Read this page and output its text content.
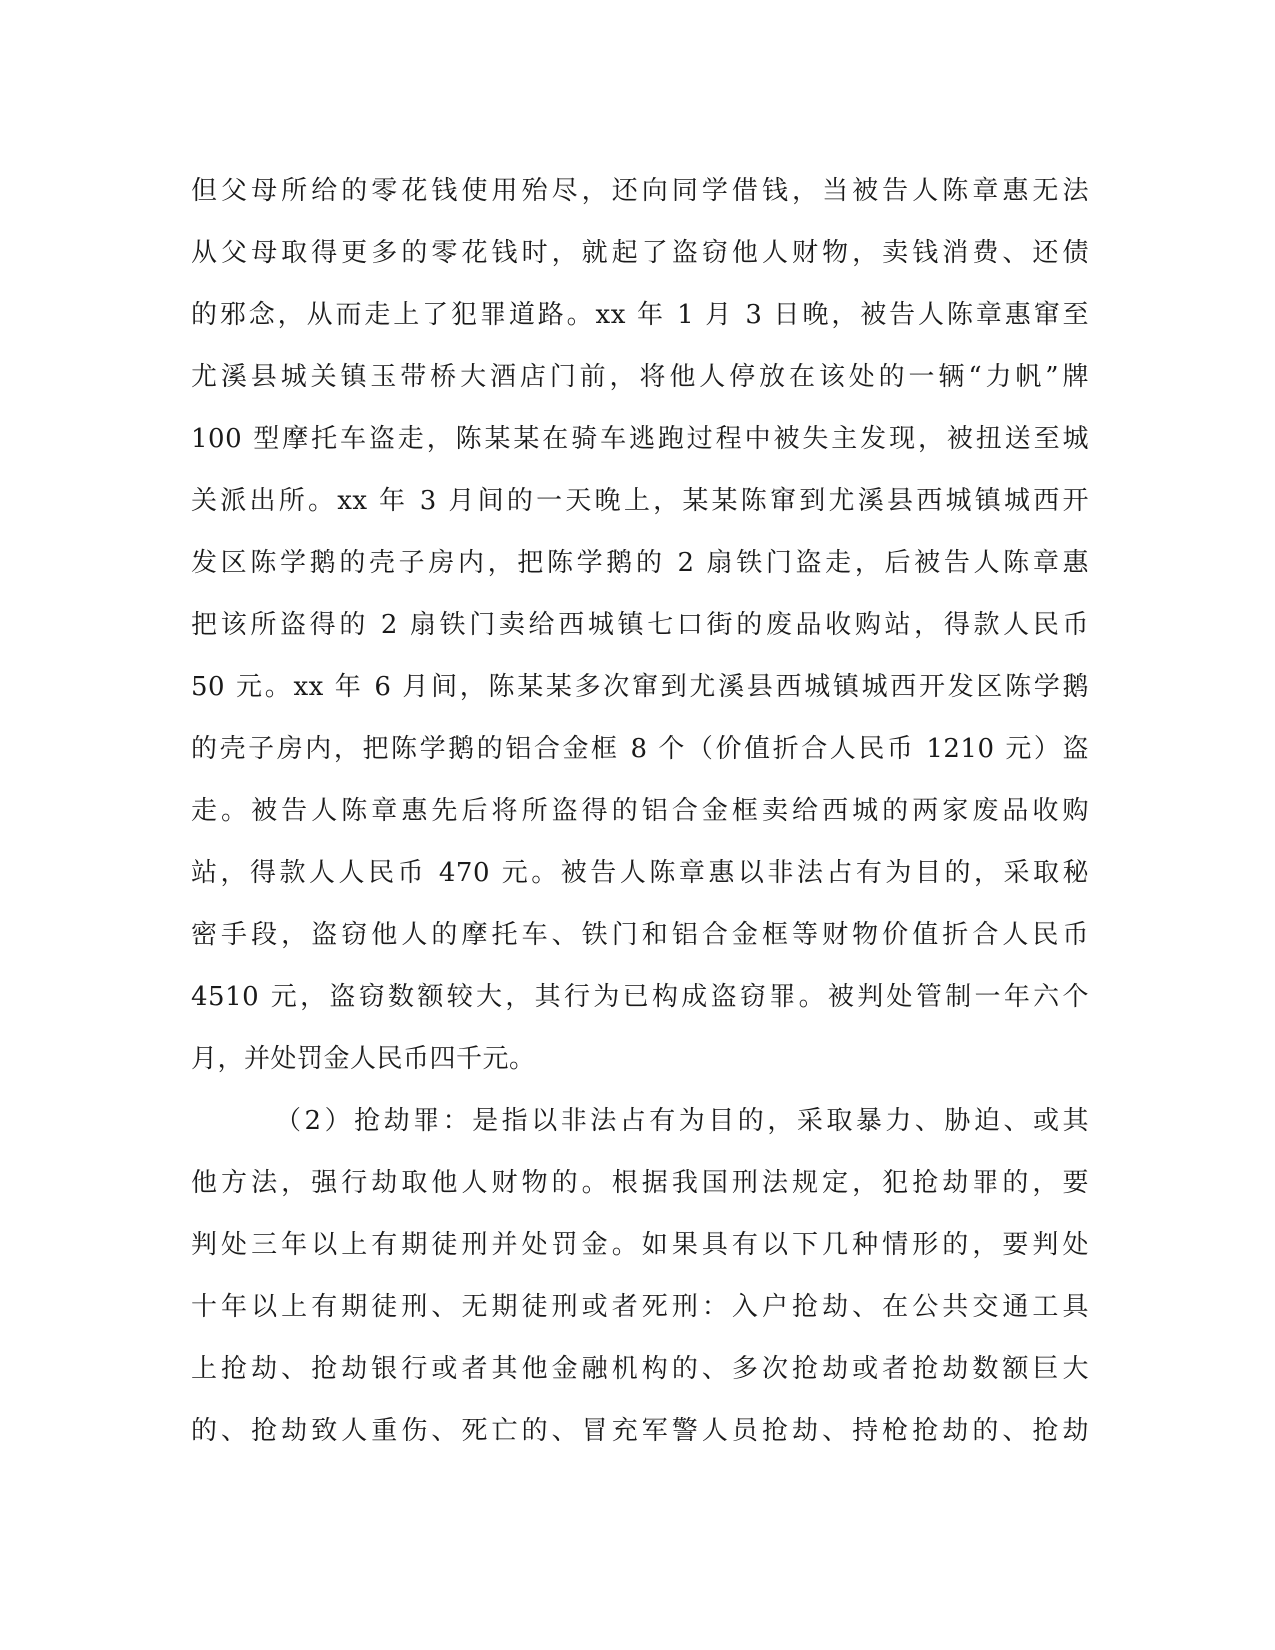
但父母所给的零花钱使用殆尽，还向同学借钱，当被告人陈章惠无法
从父母取得更多的零花钱时，就起了盗窃他人财物，卖钱消费、还债
的邪念，从而走上了犯罪道路。xx 年 1 月 3 日晚，被告人陈章惠窜至
尤溪县城关镇玉带桥大酒店门前，将他人停放在该处的一辆“力帆”牌
100 型摩托车盗走，陈某某在骑车逃跑过程中被失主发现，被扭送至城
关派出所。xx 年 3 月间的一天晚上，某某陈窜到尤溪县西城镇城西开
发区陈学鹅的壳子房内，把陈学鹅的 2 扇铁门盗走，后被告人陈章惠
把该所盗得的 2 扇铁门卖给西城镇七口街的废品收购站，得款人民币
50 元。xx 年 6 月间，陈某某多次窜到尤溪县西城镇城西开发区陈学鹅
的壳子房内，把陈学鹅的铝合金框 8 个（价值折合人民币 1210 元）盗
走。被告人陈章惠先后将所盗得的铝合金框卖给西城的两家废品收购
站，得款人人民币 470 元。被告人陈章惠以非法占有为目的，采取秘
密手段，盗窃他人的摩托车、铁门和铝合金框等财物价值折合人民币
4510 元，盗窃数额较大，其行为已构成盗窃罪。被判处管制一年六个
月，并处罚金人民币四千元。
（2）抢劫罪：是指以非法占有为目的，采取暴力、胁迫、或其
他方法，强行劫取他人财物的。根据我国刑法规定，犯抢劫罪的，要
判处三年以上有期徒刑并处罚金。如果具有以下几种情形的，要判处
十年以上有期徒刑、无期徒刑或者死刑：入户抢劫、在公共交通工具
上抢劫、抢劫银行或者其他金融机构的、多次抢劫或者抢劫数额巨大
的、抢劫致人重伤、死亡的、冒充军警人员抢劫、持枪抢劫的、抢劫
